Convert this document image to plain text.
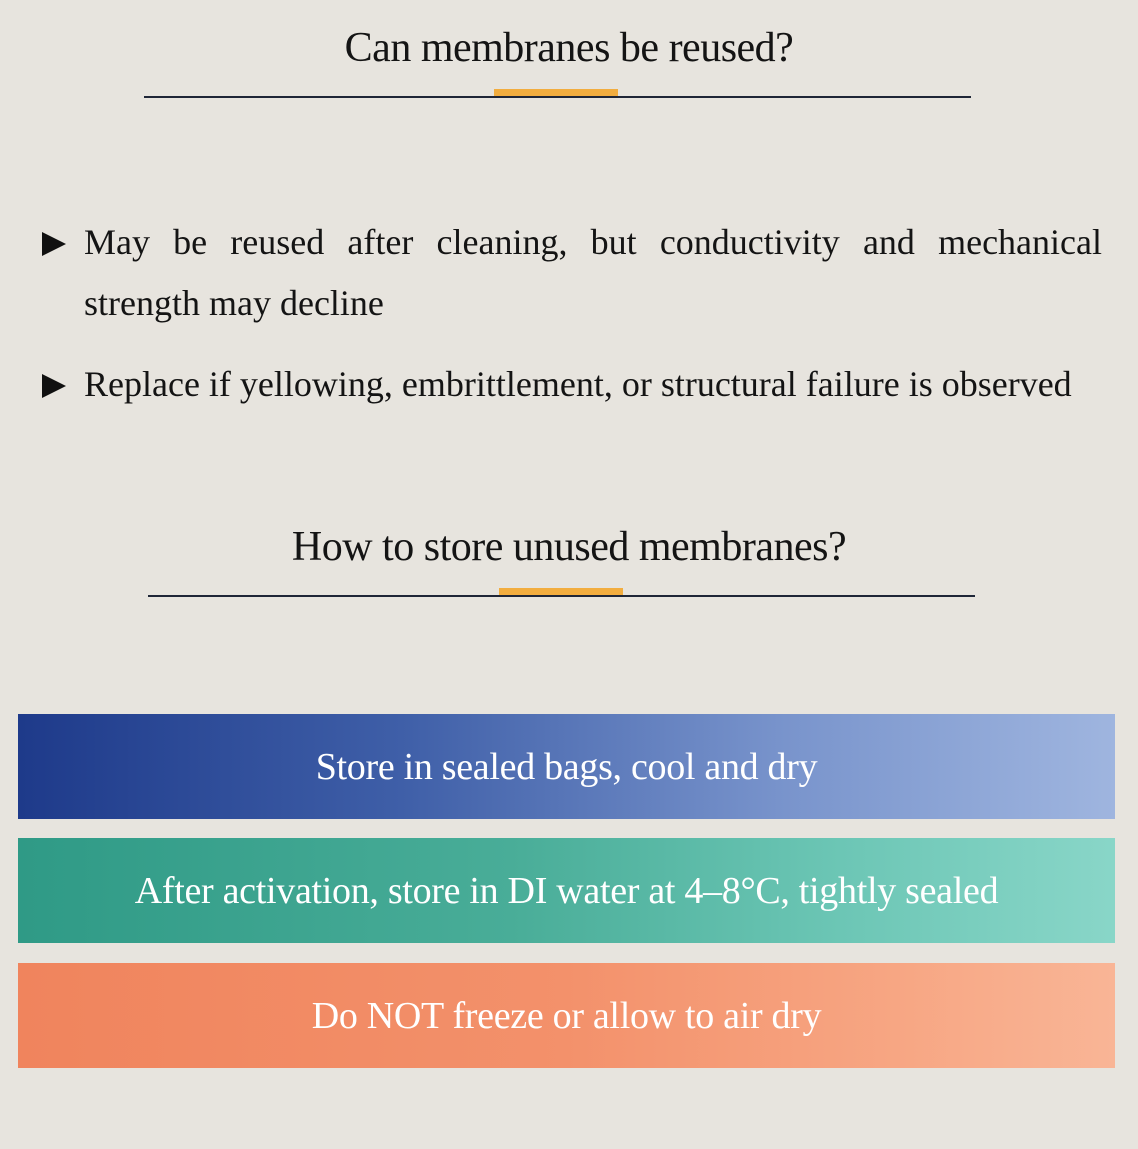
Can membranes be reused?
May be reused after cleaning, but conductivity and mechanical strength may decline
Replace if yellowing, embrittlement, or structural failure is observed
How to store unused membranes?
Store in sealed bags, cool and dry
After activation, store in DI water at 4–8°C, tightly sealed
Do NOT freeze or allow to air dry
